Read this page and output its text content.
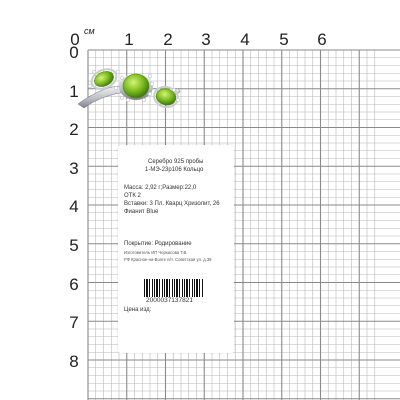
см
0	1	2	3	4	5	6
0
1
2
3
4
5
6
7
8
Серебро 925 пробы
1-МЭ-23р106 Кольцо
Масса: 2,92 г;Размер:22,0
ОТК 2
Вставки: 3 Пл. Кварц Хризолит, 26
Фианит Blue
Покрытие: Родирование
Изготовитель ИП Черкасова Т.В.
РФ Красное-на-Волге п/п. Советская ул. д.39
2000037137821
Цена изд:
